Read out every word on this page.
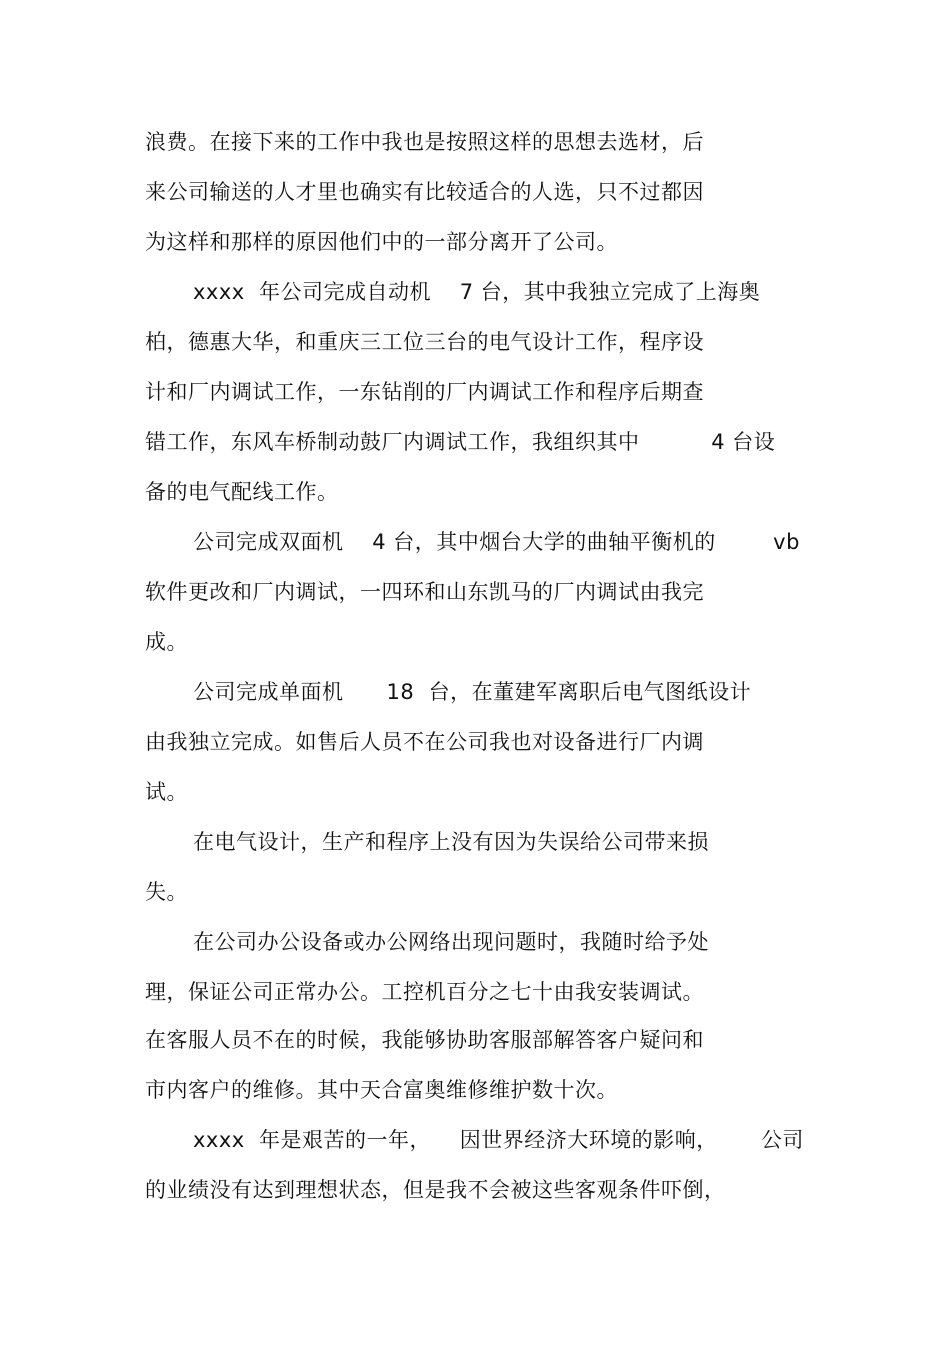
浪费。在接下来的工作中我也是按照这样的思想去选材，后
来公司输送的人才里也确实有比较适合的人选，只不过都因
为这样和那样的原因他们中的一部分离开了公司。
xxxx  年公司完成自动机    7 台，其中我独立完成了上海奥
柏，德惠大华，和重庆三工位三台的电气设计工作，程序设
计和厂内调试工作，一东钻削的厂内调试工作和程序后期查
错工作，东风车桥制动鼓厂内调试工作，我组织其中          4 台设
备的电气配线工作。
公司完成双面机    4 台，其中烟台大学的曲轴平衡机的        vb
软件更改和厂内调试，一四环和山东凯马的厂内调试由我完
成。
公司完成单面机      18  台，在董建军离职后电气图纸设计
由我独立完成。如售后人员不在公司我也对设备进行厂内调
试。
在电气设计，生产和程序上没有因为失误给公司带来损
失。
在公司办公设备或办公网络出现问题时，我随时给予处
理，保证公司正常办公。工控机百分之七十由我安装调试。
在客服人员不在的时候，我能够协助客服部解答客户疑问和
市内客户的维修。其中天合富奥维修维护数十次。
xxxx  年是艰苦的一年，    因世界经济大环境的影响，      公司
的业绩没有达到理想状态，但是我不会被这些客观条件吓倒，
